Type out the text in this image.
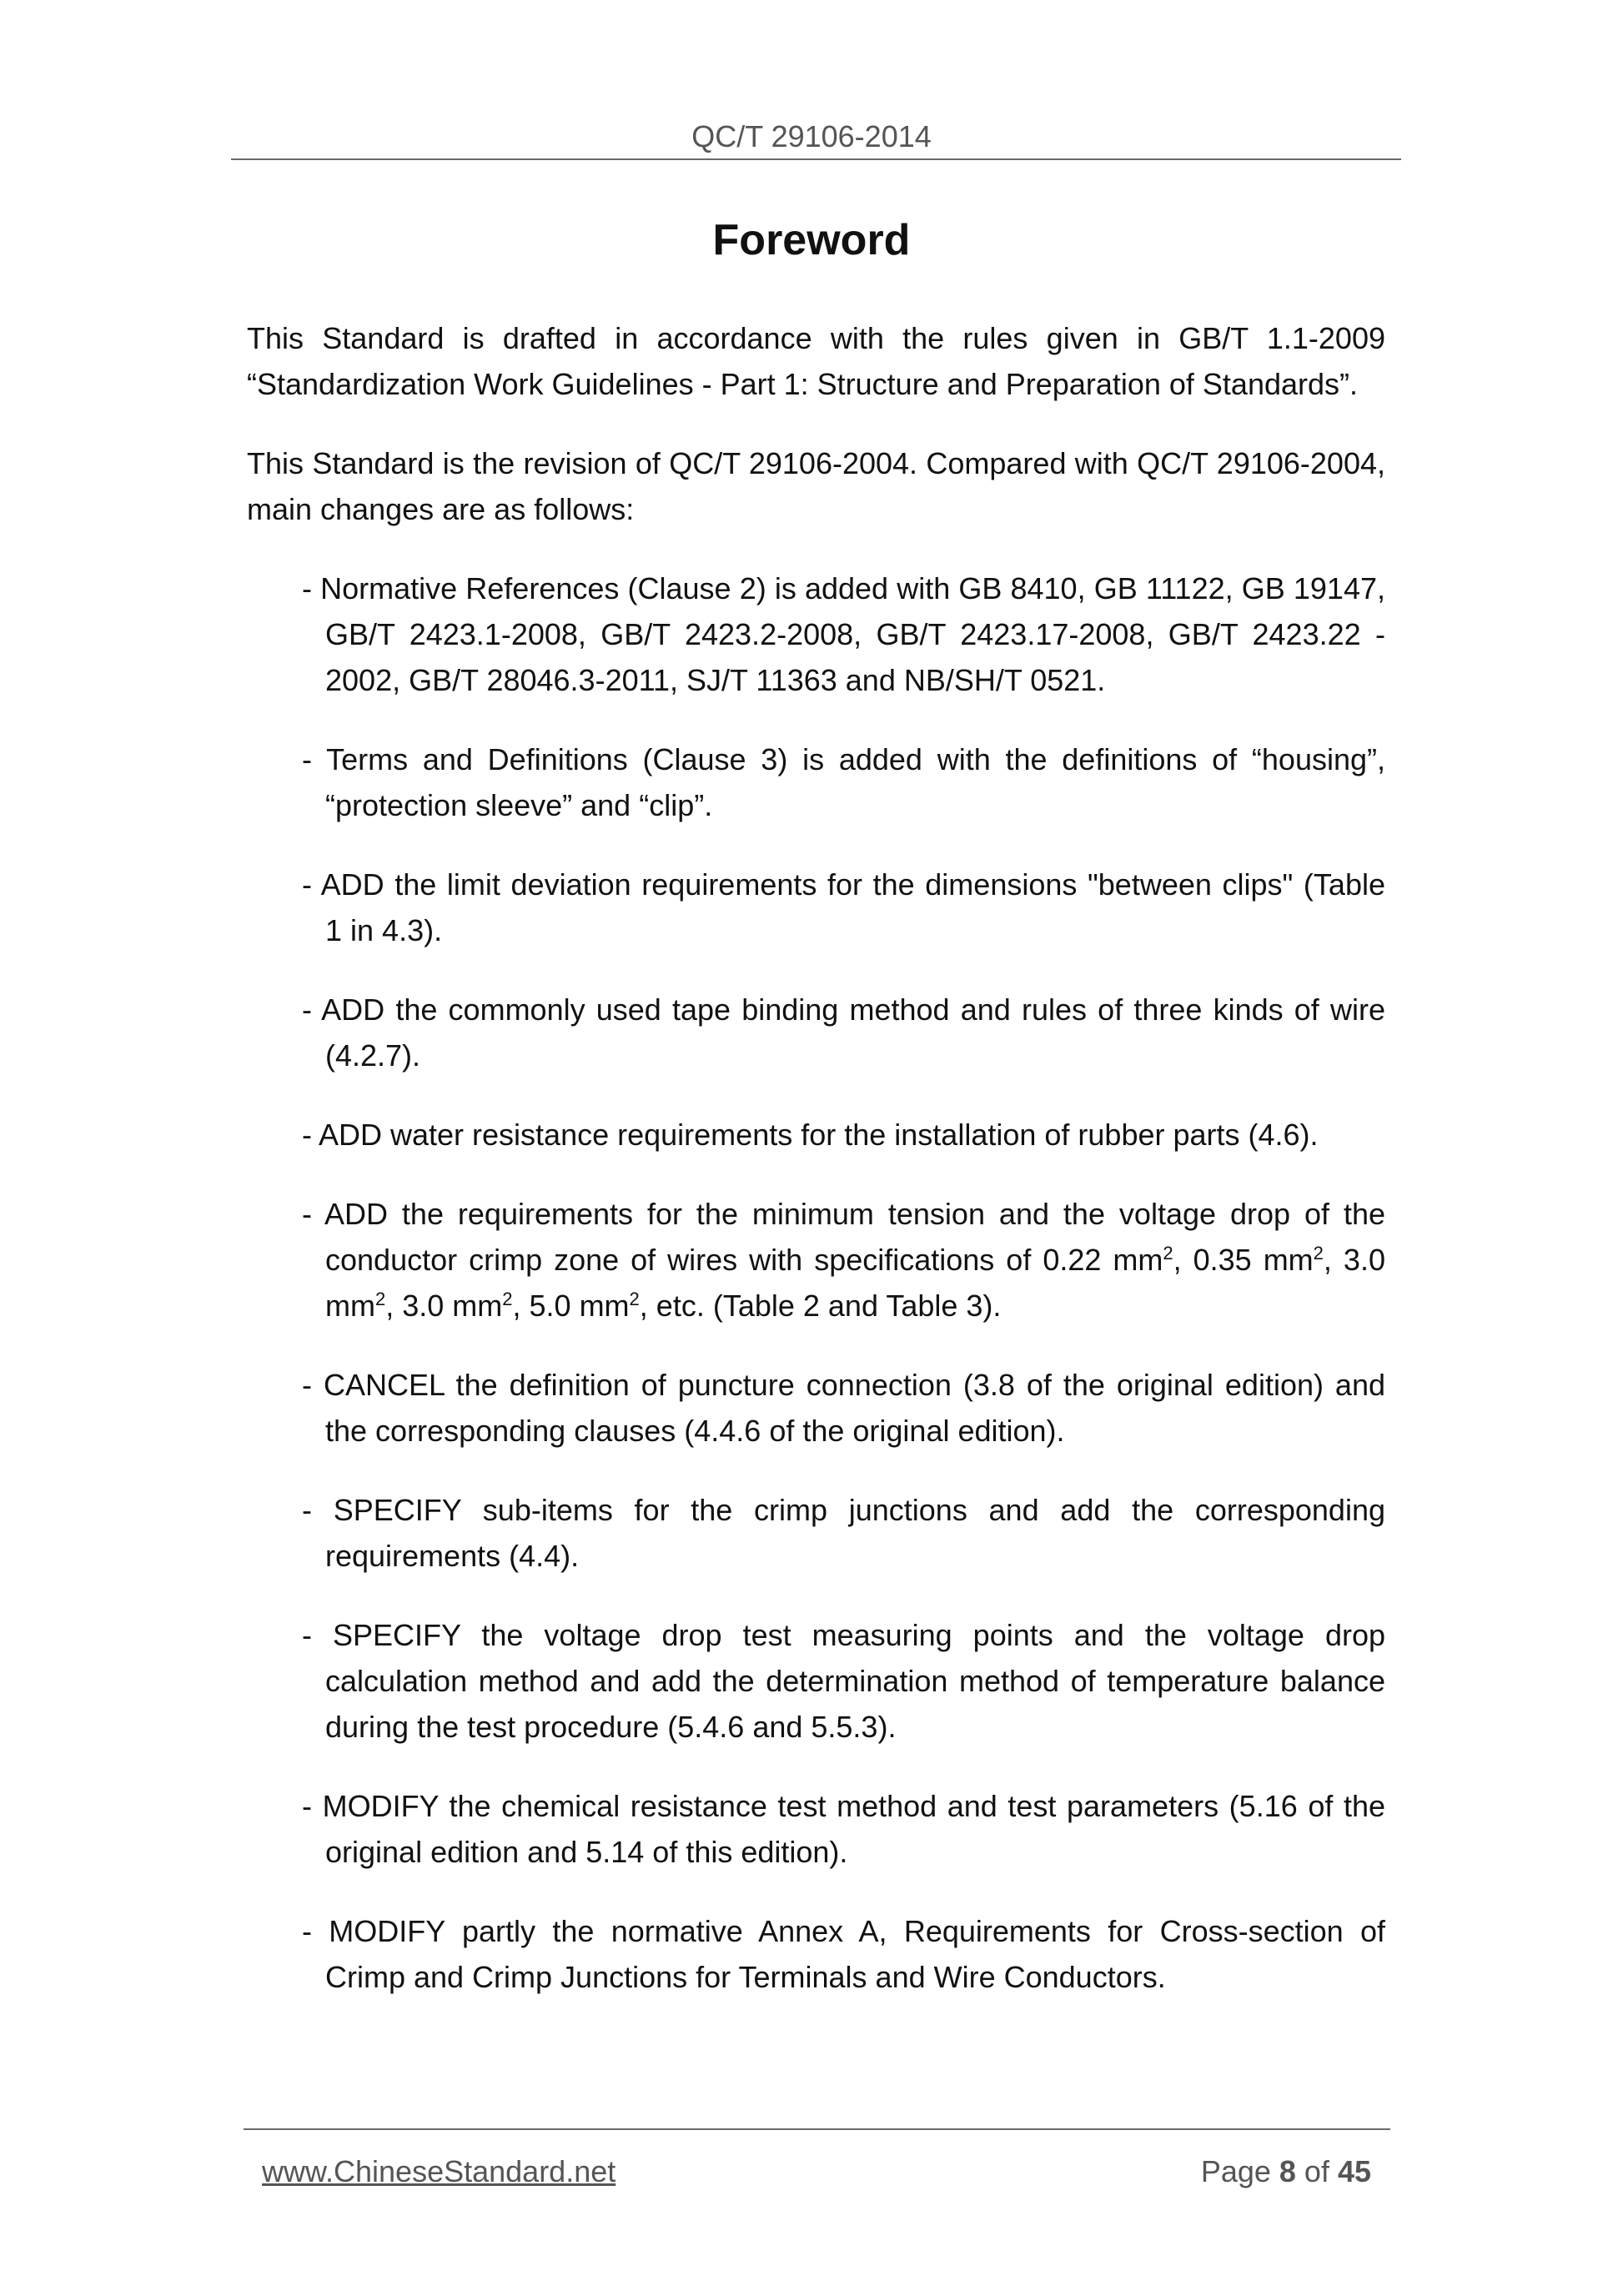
QC/T 29106-2014
Foreword

This Standard is drafted in accordance with the rules given in GB/T 1.1-2009 “Standardization Work Guidelines - Part 1: Structure and Preparation of Standards”.

This Standard is the revision of QC/T 29106-2004. Compared with QC/T 29106-2004, main changes are as follows:

- Normative References (Clause 2) is added with GB 8410, GB 11122, GB 19147, GB/T 2423.1-2008, GB/T 2423.2-2008, GB/T 2423.17-2008, GB/T 2423.22 - 2002, GB/T 28046.3-2011, SJ/T 11363 and NB/SH/T 0521.
- Terms and Definitions (Clause 3) is added with the definitions of “housing”, “protection sleeve” and “clip”.
- ADD the limit deviation requirements for the dimensions "between clips" (Table 1 in 4.3).
- ADD the commonly used tape binding method and rules of three kinds of wire (4.2.7).
- ADD water resistance requirements for the installation of rubber parts (4.6).
- ADD the requirements for the minimum tension and the voltage drop of the conductor crimp zone of wires with specifications of 0.22 $mm^2$, 0.35 $mm^2$, 3.0 $mm^2$, 3.0 $mm^2$, 5.0 $mm^2$, etc. (Table 2 and Table 3).
- CANCEL the definition of puncture connection (3.8 of the original edition) and the corresponding clauses (4.4.6 of the original edition).
- SPECIFY sub-items for the crimp junctions and add the corresponding requirements (4.4).
- SPECIFY the voltage drop test measuring points and the voltage drop calculation method and add the determination method of temperature balance during the test procedure (5.4.6 and 5.5.3).
- MODIFY the chemical resistance test method and test parameters (5.16 of the original edition and 5.14 of this edition).
- MODIFY partly the normative Annex A, Requirements for Cross-section of Crimp and Crimp Junctions for Terminals and Wire Conductors.
www.ChineseStandard.net	Page 8 of 45
